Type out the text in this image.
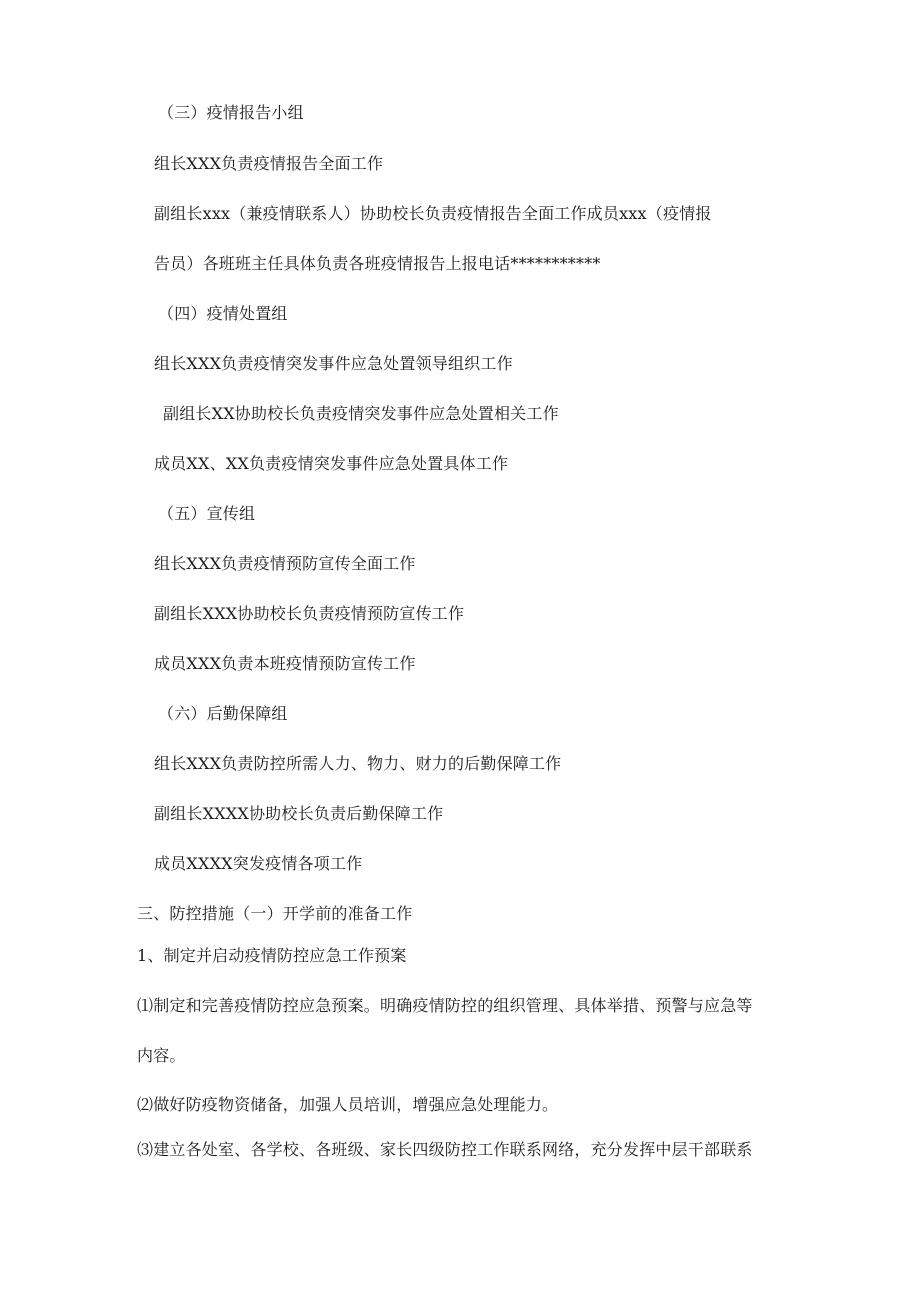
（三）疫情报告小组
组长XXX负责疫情报告全面工作
副组长xxx（兼疫情联系人）协助校长负责疫情报告全面工作成员xxx（疫情报
告员）各班班主任具体负责各班疫情报告上报电话***********
（四）疫情处置组
组长XXX负责疫情突发事件应急处置领导组织工作
副组长XX协助校长负责疫情突发事件应急处置相关工作
成员XX、XX负责疫情突发事件应急处置具体工作
（五）宣传组
组长XXX负责疫情预防宣传全面工作
副组长XXX协助校长负责疫情预防宣传工作
成员XXX负责本班疫情预防宣传工作
（六）后勤保障组
组长XXX负责防控所需人力、物力、财力的后勤保障工作
副组长XXXX协助校长负责后勤保障工作
成员XXXX突发疫情各项工作
三、防控措施（一）开学前的准备工作
1、制定并启动疫情防控应急工作预案
⑴制定和完善疫情防控应急预案。明确疫情防控的组织管理、具体举措、预警与应急等
内容。
⑵做好防疫物资储备，加强人员培训，增强应急处理能力。
⑶建立各处室、各学校、各班级、家长四级防控工作联系网络，充分发挥中层干部联系
